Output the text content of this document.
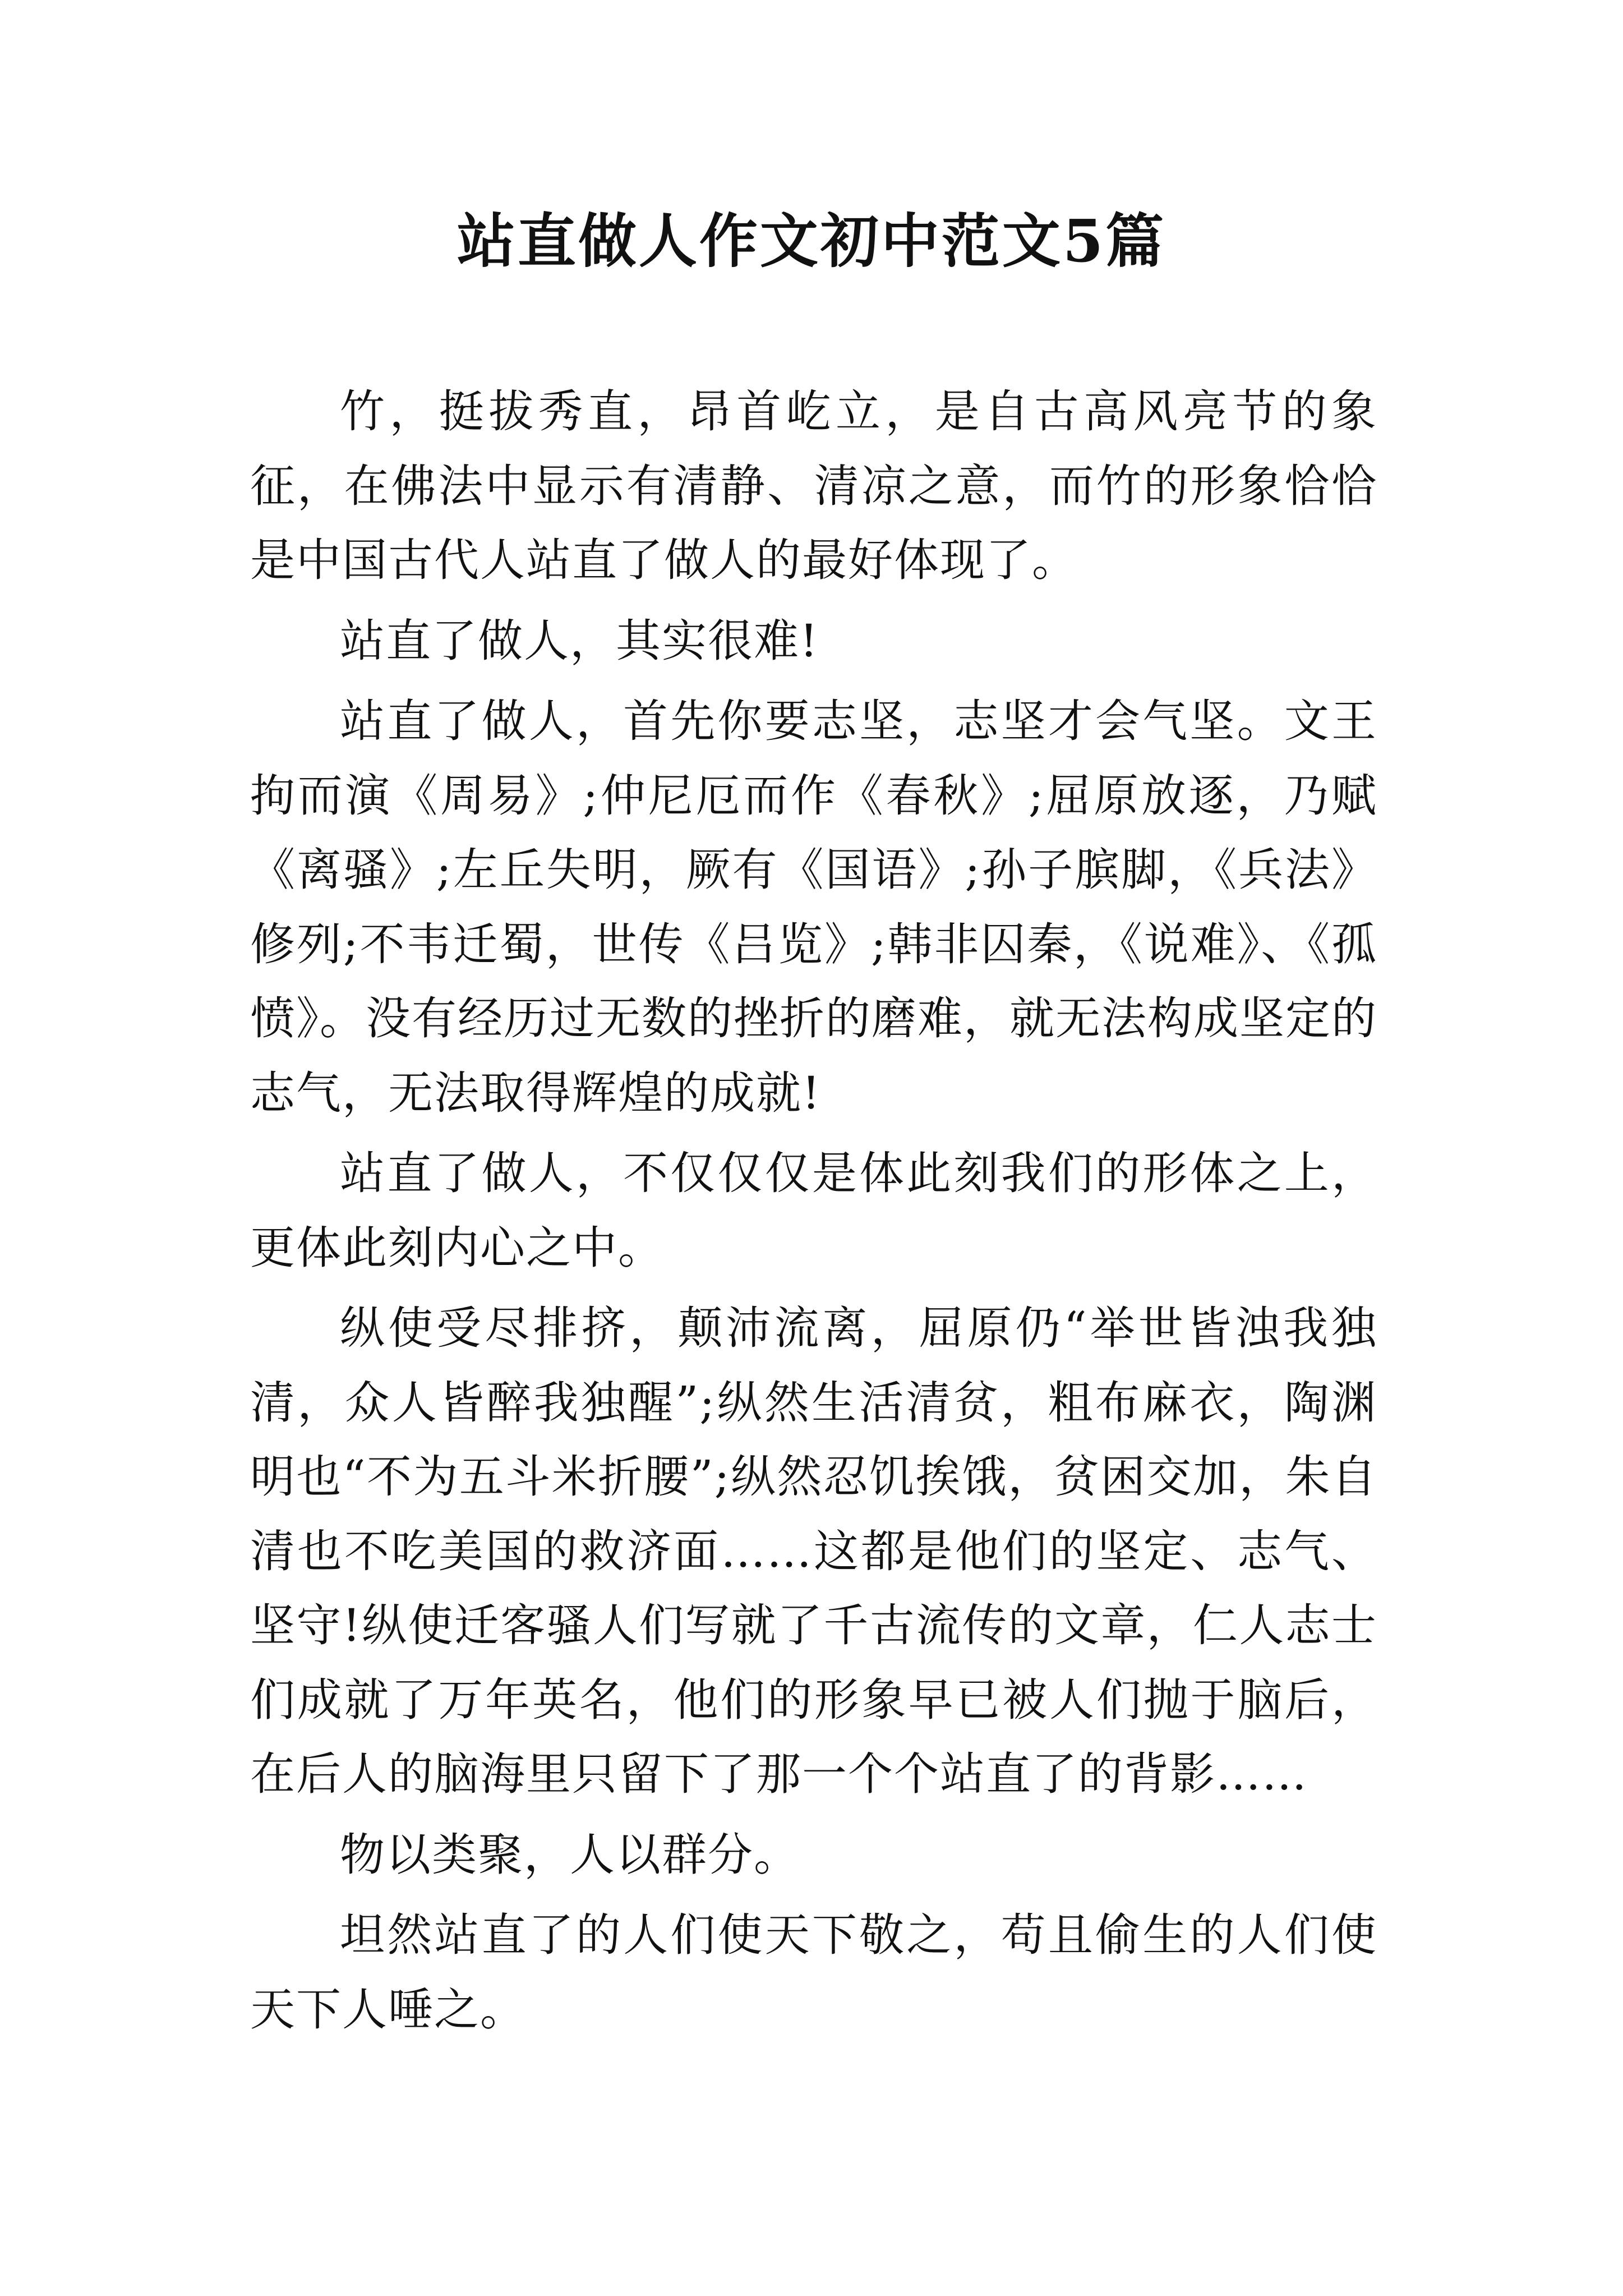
站直做人作文初中范文5篇

竹，挺拔秀直，昂首屹立，是自古高风亮节的象征，在佛法中显示有清静、清凉之意，而竹的形象恰恰是中国古代人站直了做人的最好体现了。

站直了做人，其实很难!

站直了做人，首先你要志坚，志坚才会气坚。文王拘而演《周易》;仲尼厄而作《春秋》;屈原放逐，乃赋《离骚》;左丘失明，厥有《国语》;孙子膑脚，《兵法》修列;不韦迁蜀，世传《吕览》;韩非囚秦，《说难》、《孤愤》。没有经历过无数的挫折的磨难，就无法构成坚定的志气，无法取得辉煌的成就!

站直了做人，不仅仅仅是体此刻我们的形体之上，更体此刻内心之中。

纵使受尽排挤，颠沛流离，屈原仍“举世皆浊我独清，众人皆醉我独醒”;纵然生活清贫，粗布麻衣，陶渊明也“不为五斗米折腰”;纵然忍饥挨饿，贫困交加，朱自清也不吃美国的救济面……这都是他们的坚定、志气、坚守!纵使迁客骚人们写就了千古流传的文章，仁人志士们成就了万年英名，他们的形象早已被人们抛于脑后，在后人的脑海里只留下了那一个个站直了的背影……

物以类聚，人以群分。

坦然站直了的人们使天下敬之，苟且偷生的人们使天下人唾之。
